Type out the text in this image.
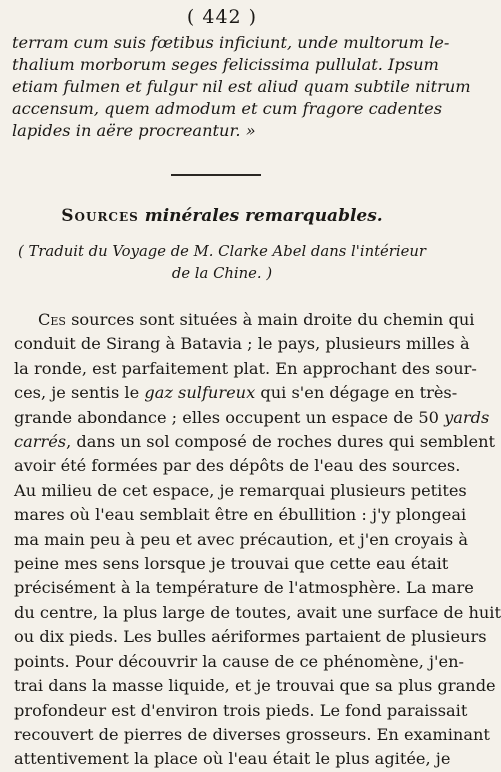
( 442 )
terram cum suis fœtibus inficiunt, unde multorum le-
thalium morborum seges felicissima pullulat. Ipsum
etiam fulmen et fulgur nil est aliud quam subtile nitrum
accensum, quem admodum et cum fragore cadentes
lapides in aëre procreantur. »
Sources minérales remarquables.
( Traduit du Voyage de M. Clarke Abel dans l'intérieur
de la Chine. )
Ces sources sont situées à main droite du chemin qui
conduit de Sirang à Batavia ; le pays, plusieurs milles à
la ronde, est parfaitement plat. En approchant des sour-
ces, je sentis le gaz sulfureux qui s'en dégage en très-
grande abondance ; elles occupent un espace de 50 yards
carrés, dans un sol composé de roches dures qui semblent
avoir été formées par des dépôts de l'eau des sources.
Au milieu de cet espace, je remarquai plusieurs petites
mares où l'eau semblait être en ébullition : j'y plongeai
ma main peu à peu et avec précaution, et j'en croyais à
peine mes sens lorsque je trouvai que cette eau était
précisément à la température de l'atmosphère. La mare
du centre, la plus large de toutes, avait une surface de huit
ou dix pieds. Les bulles aériformes partaient de plusieurs
points. Pour découvrir la cause de ce phénomène, j'en-
trai dans la masse liquide, et je trouvai que sa plus grande
profondeur est d'environ trois pieds. Le fond paraissait
recouvert de pierres de diverses grosseurs. En examinant
attentivement la place où l'eau était le plus agitée, je
